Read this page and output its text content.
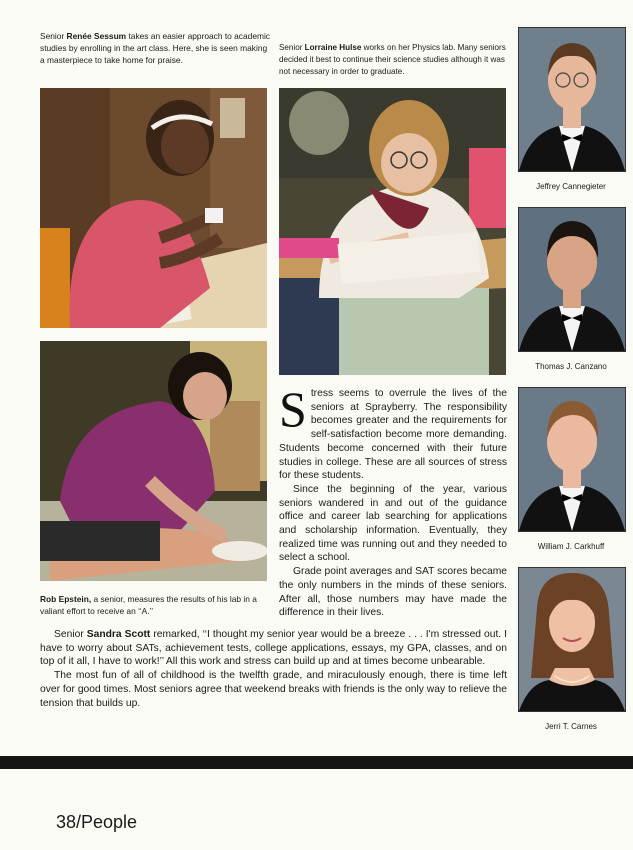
Senior Renée Sessum takes an easier approach to academic studies by enrolling in the art class. Here, she is seen making a masterpiece to take home for praise.
Senior Lorraine Hulse works on her Physics lab. Many seniors decided it best to continue their science studies although it was not necessary in order to graduate.
Rob Epstein, a senior, measures the results of his lab in a valiant effort to receive an ‘‘A.’’
Jeffrey Cannegieter
Thomas J. Canzano
William J. Carkhuff
Jerri T. Carnes

Stress seems to overrule the lives of the seniors at Sprayberry. The responsibility becomes greater and the requirements for self-satisfaction become more demanding. Students become concerned with their future studies in college. These are all sources of stress for these students.

Since the beginning of the year, various seniors wandered in and out of the guidance office and career lab searching for applications and scholarship information. Eventually, they realized time was running out and they needed to select a school.

Grade point averages and SAT scores became the only numbers in the minds of these seniors. After all, those numbers may have made the difference in their lives.

Senior Sandra Scott remarked, ‘‘I thought my senior year would be a breeze . . . I'm stressed out. I have to worry about SATs, achievement tests, college applications, essays, my GPA, classes, and on top of it all, I have to work!’’ All this work and stress can build up and at times become unbearable.

The most fun of all of childhood is the twelfth grade, and miraculously enough, there is time left over for good times. Most seniors agree that weekend breaks with friends is the only way to relieve the tension that builds up.

38/People
